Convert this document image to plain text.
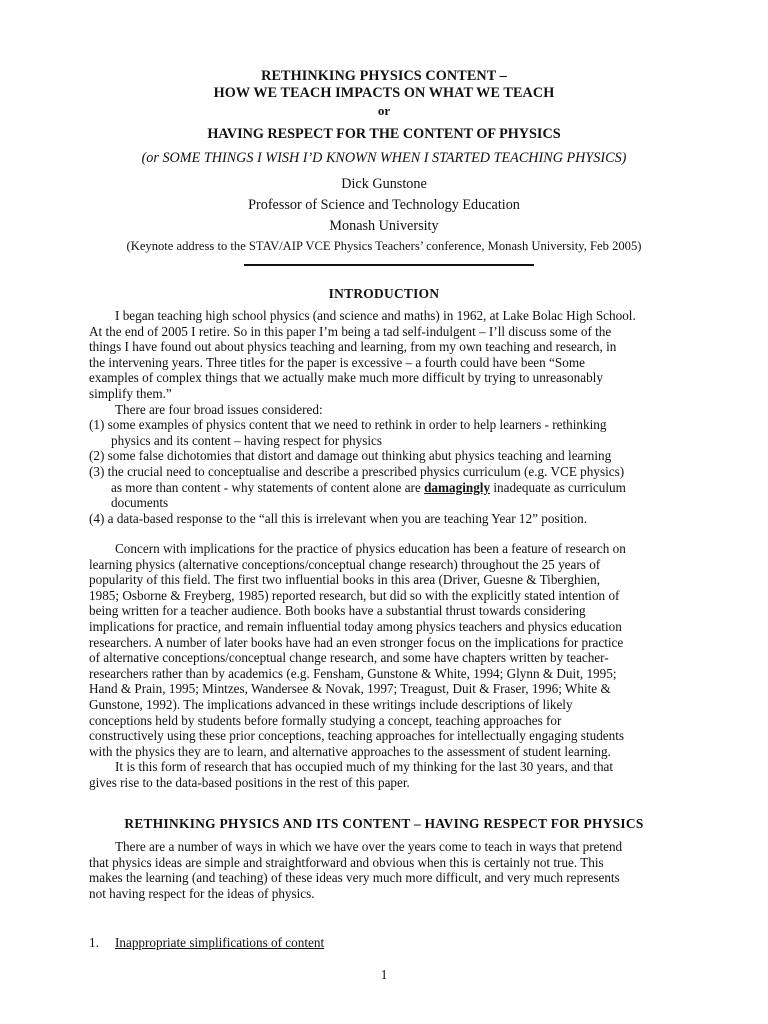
RETHINKING PHYSICS CONTENT –
HOW WE TEACH IMPACTS ON WHAT WE TEACH
or
HAVING RESPECT FOR THE CONTENT OF PHYSICS
(or SOME THINGS I WISH I’D KNOWN WHEN I STARTED TEACHING PHYSICS)
Dick Gunstone
Professor of Science and Technology Education
Monash University
(Keynote address to the STAV/AIP VCE Physics Teachers’ conference, Monash University, Feb 2005)
INTRODUCTION
I began teaching high school physics (and science and maths) in 1962, at Lake Bolac High School.
At the end of 2005 I retire. So in this paper I’m being a tad self-indulgent – I’ll discuss some of the
things I have found out about physics teaching and learning, from my own teaching and research, in
the intervening years. Three titles for the paper is excessive – a fourth could have been “Some
examples of complex things that we actually make much more difficult by trying to unreasonably
simplify them.”
There are four broad issues considered:
(1) some examples of physics content that we need to rethink in order to help learners - rethinking
physics and its content – having respect for physics
(2) some false dichotomies that distort and damage out thinking abut physics teaching and learning
(3) the crucial need to conceptualise and describe a prescribed physics curriculum (e.g. VCE physics)
as more than content - why statements of content alone are damagingly inadequate as curriculum
documents
(4) a data-based response to the “all this is irrelevant when you are teaching Year 12” position.
Concern with implications for the practice of physics education has been a feature of research on
learning physics (alternative conceptions/conceptual change research) throughout the 25 years of
popularity of this field. The first two influential books in this area (Driver, Guesne & Tiberghien,
1985; Osborne & Freyberg, 1985) reported research, but did so with the explicitly stated intention of
being written for a teacher audience. Both books have a substantial thrust towards considering
implications for practice, and remain influential today among physics teachers and physics education
researchers. A number of later books have had an even stronger focus on the implications for practice
of alternative conceptions/conceptual change research, and some have chapters written by teacher-
researchers rather than by academics (e.g. Fensham, Gunstone & White, 1994; Glynn & Duit, 1995;
Hand & Prain, 1995; Mintzes, Wandersee & Novak, 1997; Treagust, Duit & Fraser, 1996; White &
Gunstone, 1992). The implications advanced in these writings include descriptions of likely
conceptions held by students before formally studying a concept, teaching approaches for
constructively using these prior conceptions, teaching approaches for intellectually engaging students
with the physics they are to learn, and alternative approaches to the assessment of student learning.
It is this form of research that has occupied much of my thinking for the last 30 years, and that
gives rise to the data-based positions in the rest of this paper.
RETHINKING PHYSICS AND ITS CONTENT – HAVING RESPECT FOR PHYSICS
There are a number of ways in which we have over the years come to teach in ways that pretend
that physics ideas are simple and straightforward and obvious when this is certainly not true. This
makes the learning (and teaching) of these ideas very much more difficult, and very much represents
not having respect for the ideas of physics.
1. Inappropriate simplifications of content
1
